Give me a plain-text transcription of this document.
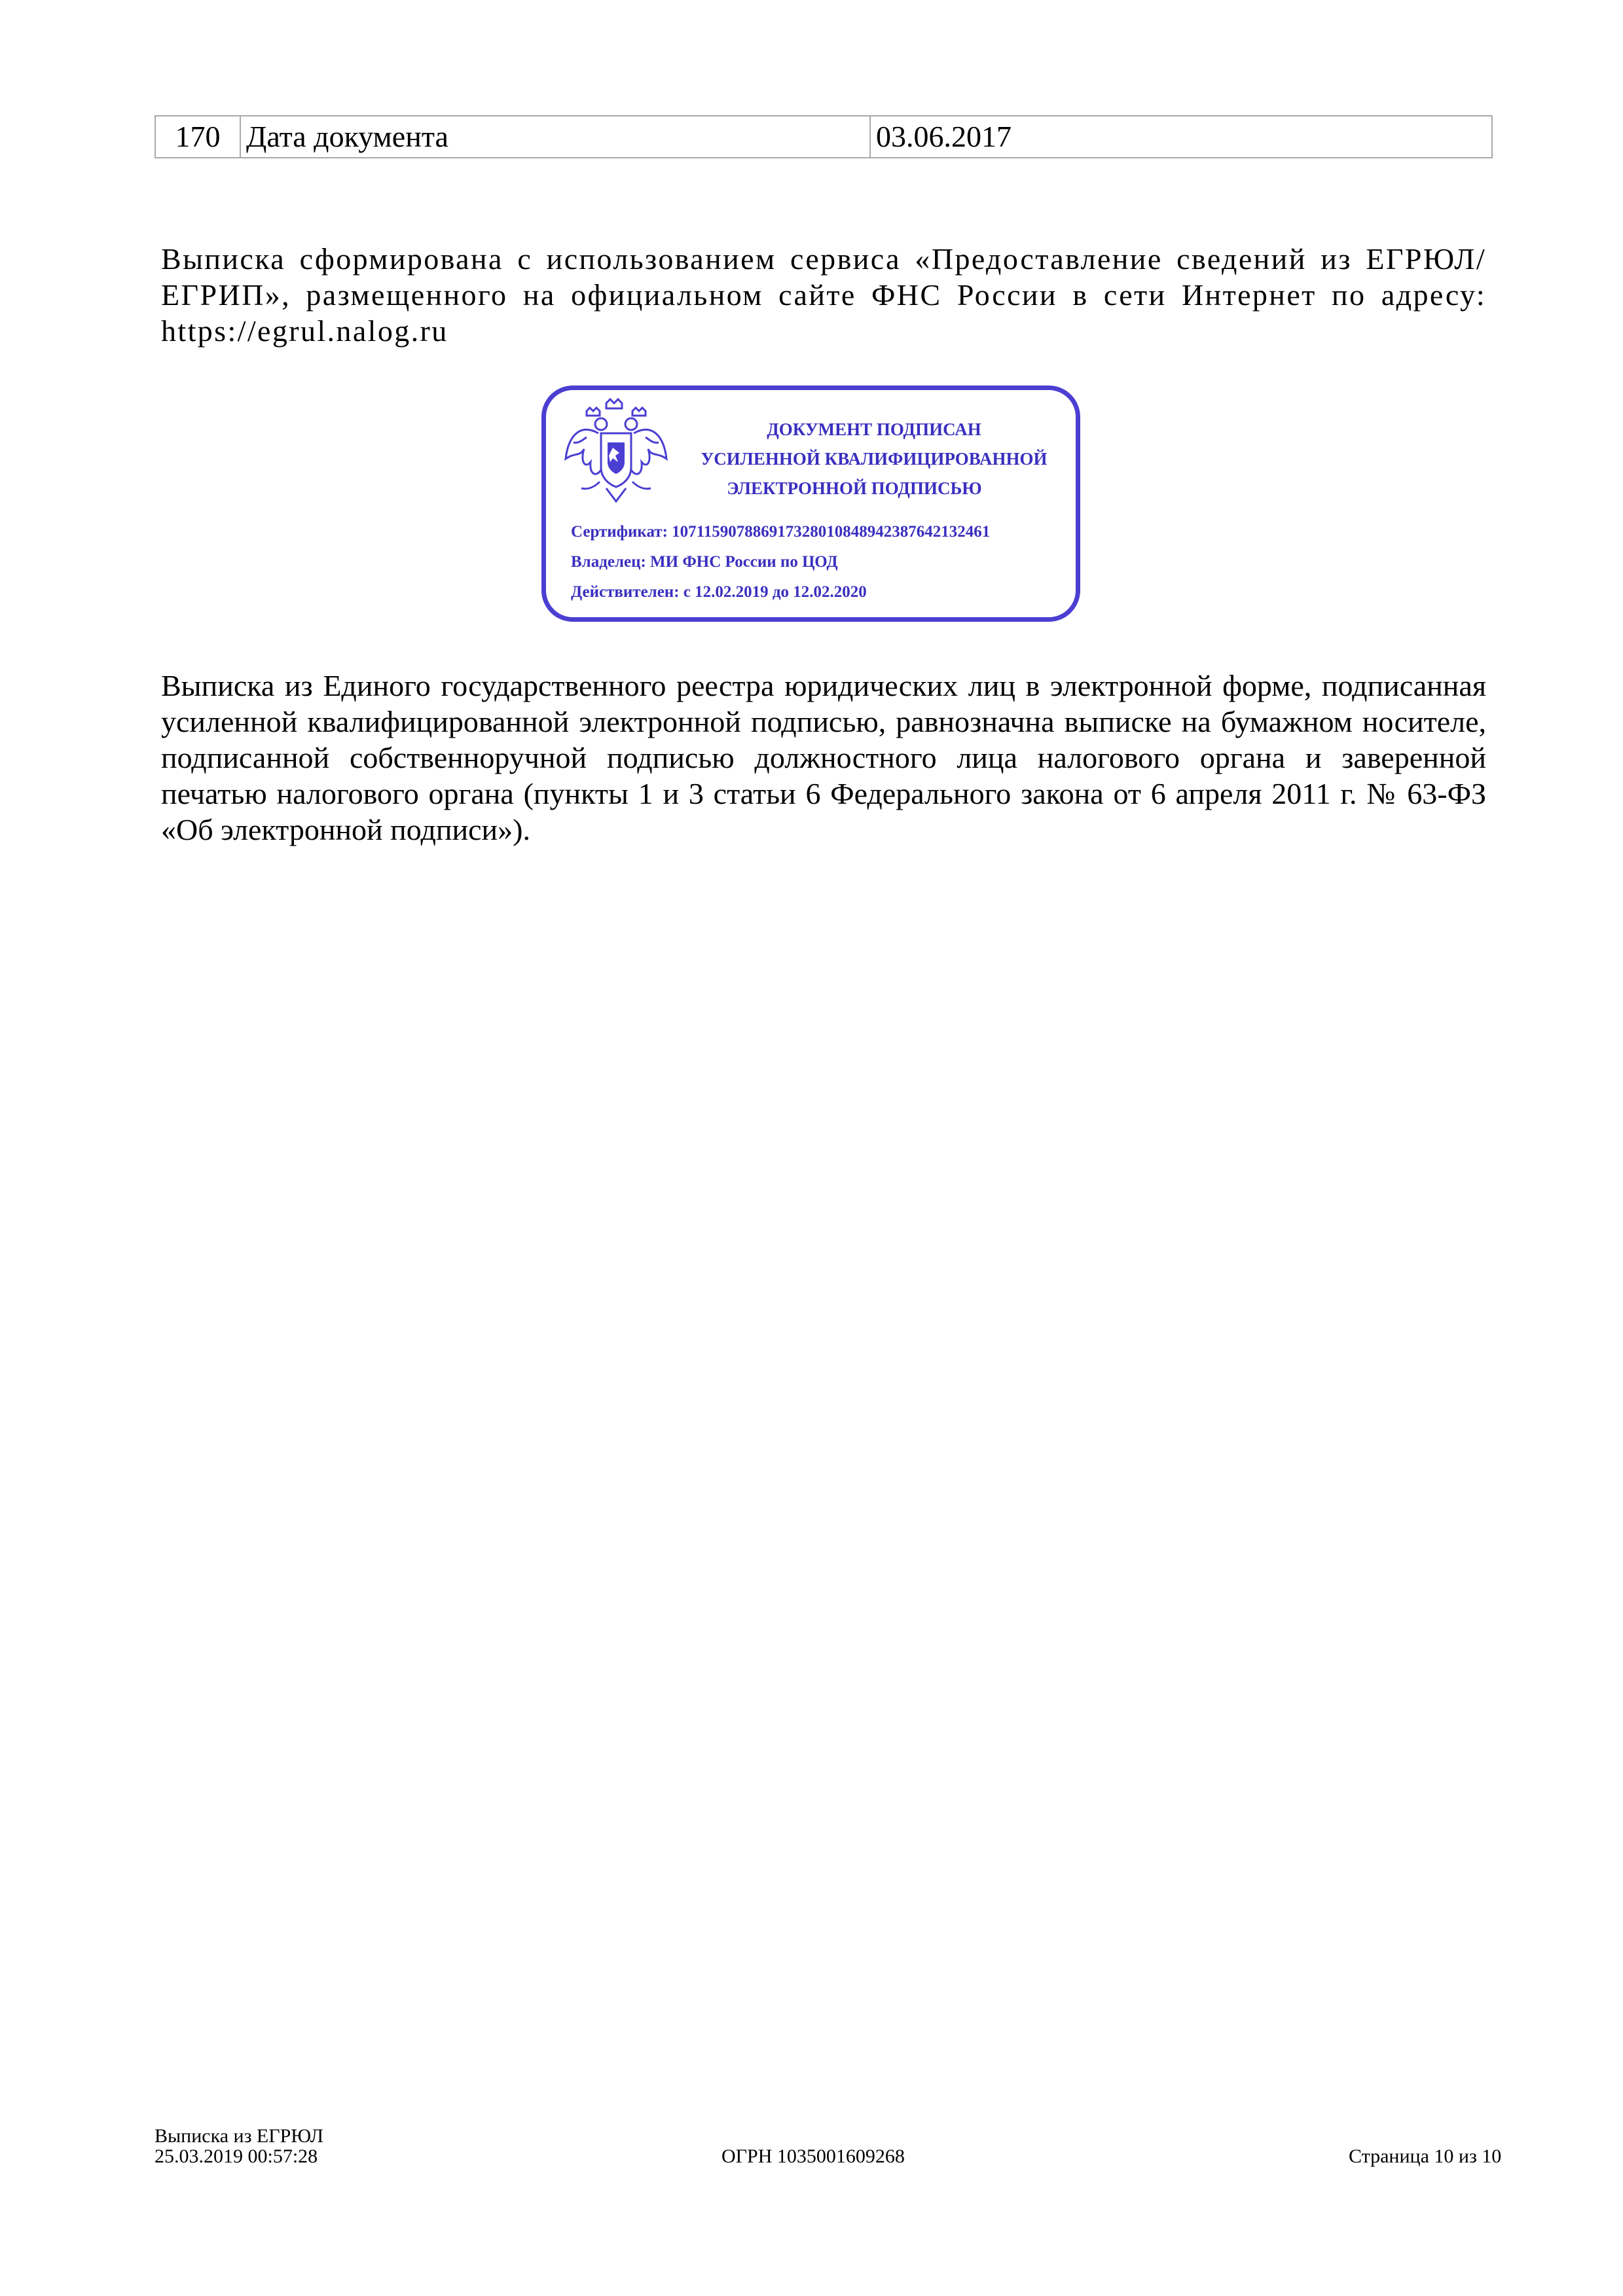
170	Дата документа	03.06.2017

Выписка сформирована с использованием сервиса «Предоставление сведений из ЕГРЮЛ/ЕГРИП», размещенного на официальном сайте ФНС России в сети Интернет по адресу: https://egrul.nalog.ru

ДОКУМЕНТ ПОДПИСАН
УСИЛЕННОЙ КВАЛИФИЦИРОВАННОЙ
ЭЛЕКТРОННОЙ ПОДПИСЬЮ
Сертификат: 107115907886917328010848942387642132461
Владелец: МИ ФНС России по ЦОД
Действителен: с 12.02.2019 до 12.02.2020

Выписка из Единого государственного реестра юридических лиц в электронной форме, подписанная усиленной квалифицированной электронной подписью, равнозначна выписке на бумажном носителе, подписанной собственноручной подписью должностного лица налогового органа и заверенной печатью налогового органа (пункты 1 и 3 статьи 6 Федерального закона от 6 апреля 2011 г. № 63-ФЗ «Об электронной подписи»).

Выписка из ЕГРЮЛ
25.03.2019 00:57:28	ОГРН 1035001609268	Страница 10 из 10
